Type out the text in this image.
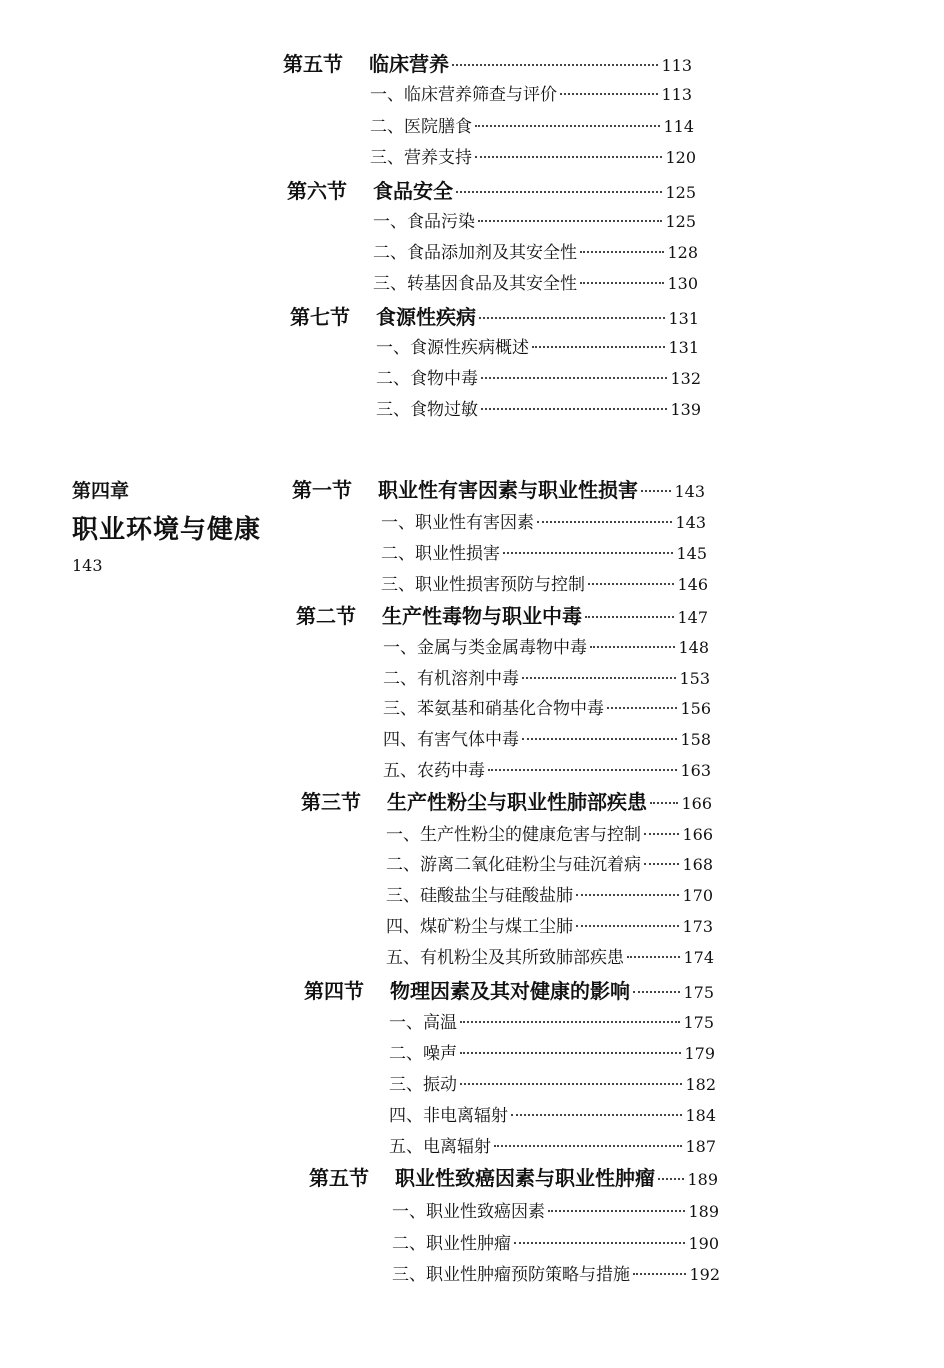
第四章
职业环境与健康
143
第五节 临床营养	113
一、临床营养筛查与评价	113
二、医院膳食	114
三、营养支持	120
第六节 食品安全	125
一、食品污染	125
二、食品添加剂及其安全性	128
三、转基因食品及其安全性	130
第七节 食源性疾病	131
一、食源性疾病概述	131
二、食物中毒	132
三、食物过敏	139
第一节 职业性有害因素与职业性损害 143
一、职业性有害因素	143
二、职业性损害	145
三、职业性损害预防与控制	146
第二节 生产性毒物与职业中毒	147
一、金属与类金属毒物中毒	148
二、有机溶剂中毒	153
三、苯氨基和硝基化合物中毒	156
四、有害气体中毒	158
五、农药中毒	163
第三节 生产性粉尘与职业性肺部疾患 166
一、生产性粉尘的健康危害与控制	166
二、游离二氧化硅粉尘与硅沉着病	168
三、硅酸盐尘与硅酸盐肺	170
四、煤矿粉尘与煤工尘肺	173
五、有机粉尘及其所致肺部疾患	174
第四节 物理因素及其对健康的影响	175
一、高温	175
二、噪声	179
三、振动	182
四、非电离辐射	184
五、电离辐射	187
第五节 职业性致癌因素与职业性肿瘤 189
一、职业性致癌因素	189
二、职业性肿瘤	190
三、职业性肿瘤预防策略与措施	192
